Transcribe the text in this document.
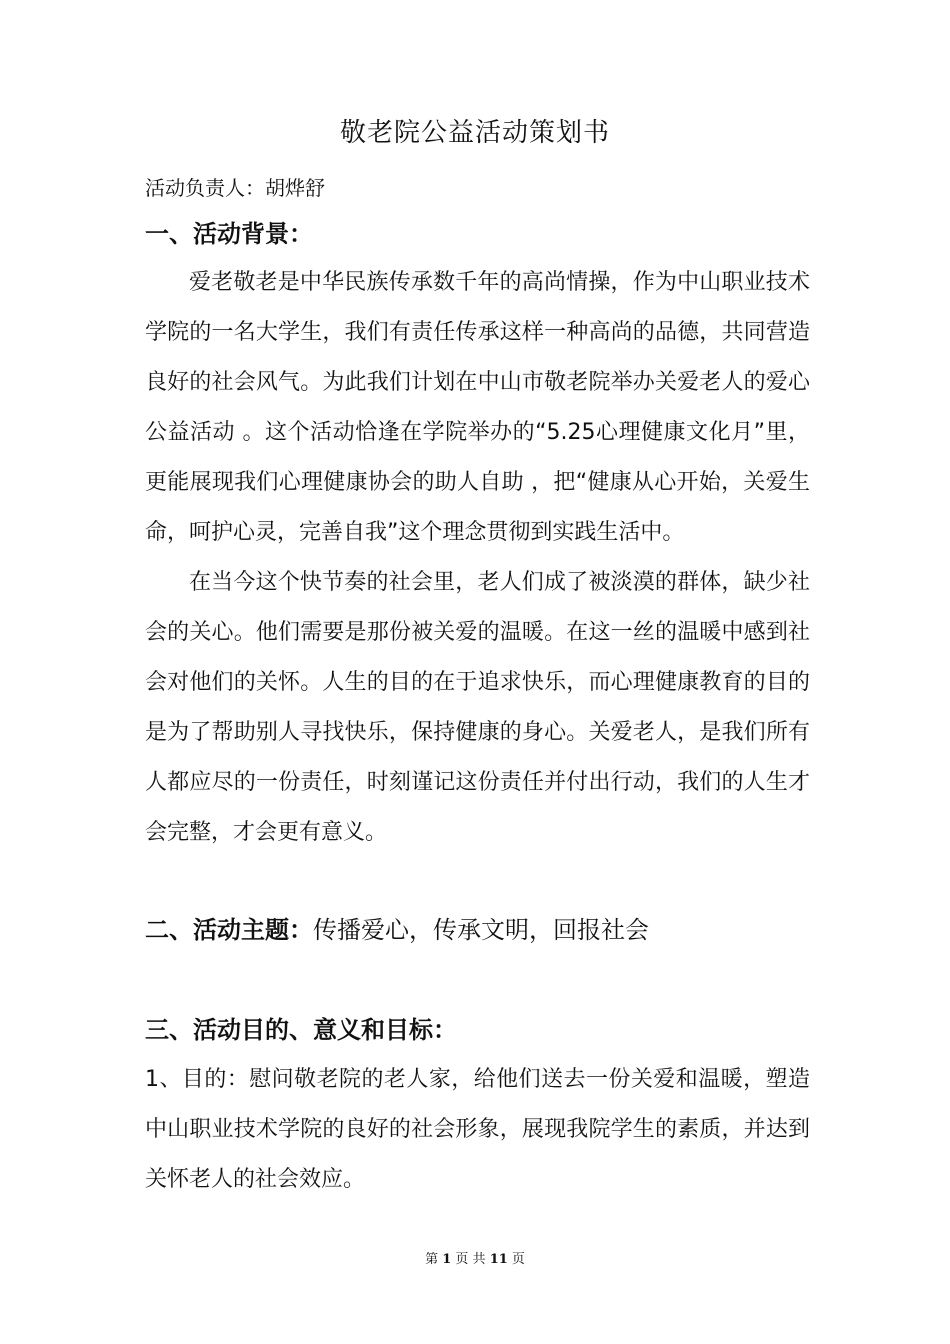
敬老院公益活动策划书
活动负责人：胡烨舒
一、活动背景：

爱老敬老是中华民族传承数千年的高尚情操，作为中山职业技术学院的一名大学生，我们有责任传承这样一种高尚的品德，共同营造良好的社会风气。为此我们计划在中山市敬老院举办关爱老人的爱心公益活动 。这个活动恰逢在学院举办的“5.25心理健康文化月”里，更能展现我们心理健康协会的助人自助 ，把“健康从心开始，关爱生命，呵护心灵，完善自我”这个理念贯彻到实践生活中。

在当今这个快节奏的社会里，老人们成了被淡漠的群体，缺少社会的关心。他们需要是那份被关爱的温暖。在这一丝的温暖中感到社会对他们的关怀。人生的目的在于追求快乐，而心理健康教育的目的是为了帮助别人寻找快乐，保持健康的身心。关爱老人，是我们所有人都应尽的一份责任，时刻谨记这份责任并付出行动，我们的人生才会完整，才会更有意义。

二、活动主题：传播爱心，传承文明，回报社会
三、活动目的、意义和目标：

1、目的：慰问敬老院的老人家，给他们送去一份关爱和温暖，塑造中山职业技术学院的良好的社会形象，展现我院学生的素质，并达到关怀老人的社会效应。

第 1 页 共 11 页
